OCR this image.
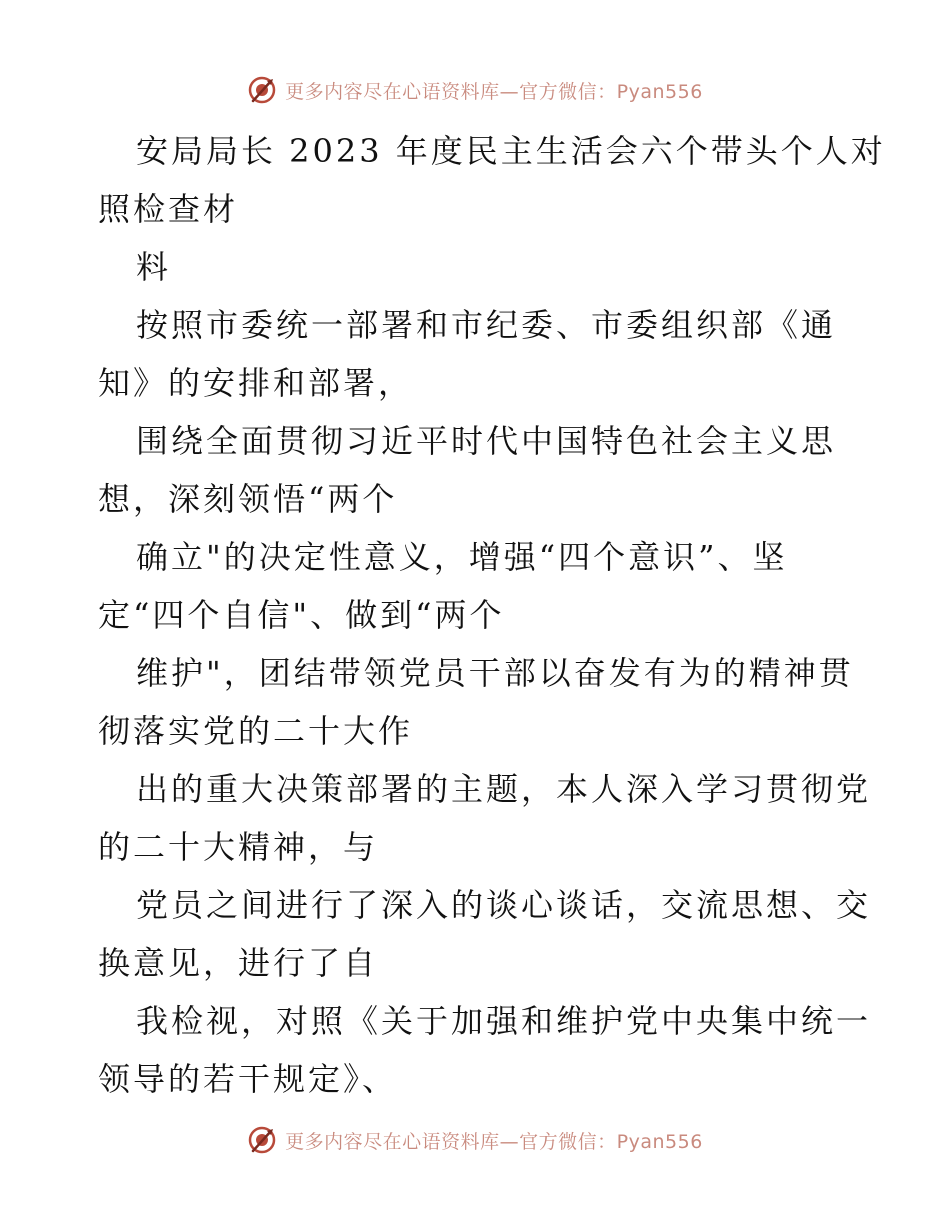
更多内容尽在心语资料库—官方微信：Pyan556
安局局长 2023 年度民主生活会六个带头个人对
照检查材
料
按照市委统一部署和市纪委、市委组织部《通
知》的安排和部署，
围绕全面贯彻习近平时代中国特色社会主义思
想，深刻领悟“两个
确立"的决定性意义，增强“四个意识”、坚
定“四个自信"、做到“两个
维护"，团结带领党员干部以奋发有为的精神贯
彻落实党的二十大作
出的重大决策部署的主题，本人深入学习贯彻党
的二十大精神，与
党员之间进行了深入的谈心谈话，交流思想、交
换意见，进行了自
我检视，对照《关于加强和维护党中央集中统一
领导的若干规定》、
更多内容尽在心语资料库—官方微信：Pyan556
